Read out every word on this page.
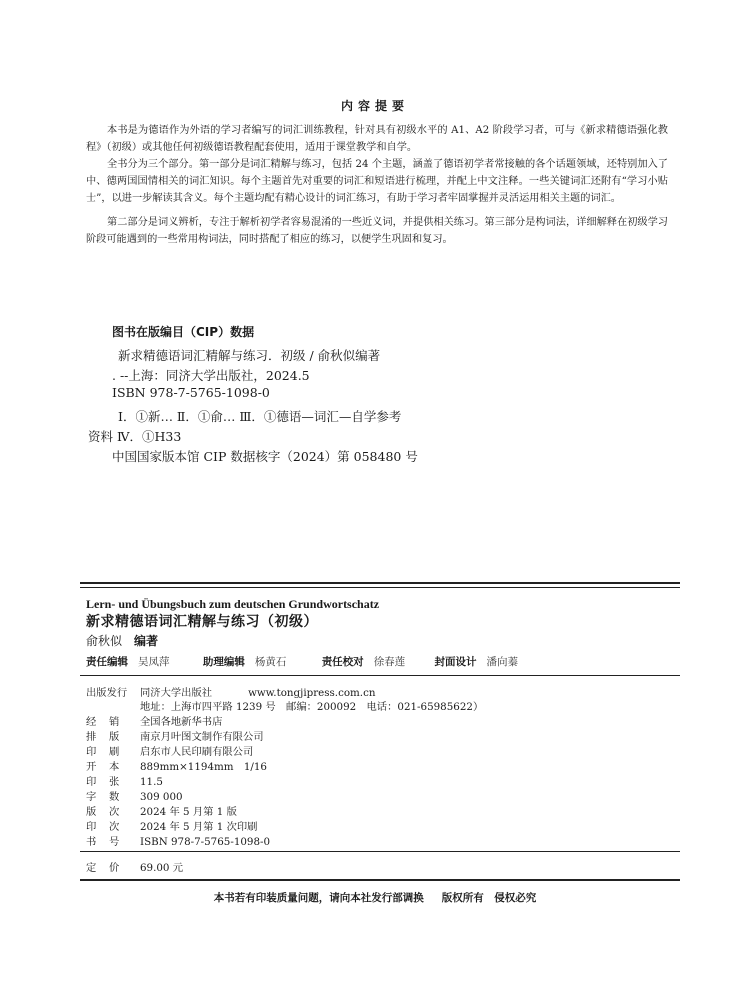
内容提要

本书是为德语作为外语的学习者编写的词汇训练教程，针对具有初级水平的 A1、A2 阶段学习者，可与《新求精德语强化教程》（初级）或其他任何初级德语教程配套使用，适用于课堂教学和自学。

全书分为三个部分。第一部分是词汇精解与练习，包括 24 个主题，涵盖了德语初学者常接触的各个话题领域，还特别加入了中、德两国国情相关的词汇知识。每个主题首先对重要的词汇和短语进行梳理，并配上中文注释。一些关键词汇还附有“学习小贴士”，以进一步解读其含义。每个主题均配有精心设计的词汇练习，有助于学习者牢固掌握并灵活运用相关主题的词汇。

第二部分是词义辨析，专注于解析初学者容易混淆的一些近义词，并提供相关练习。第三部分是构词法，详细解释在初级学习阶段可能遇到的一些常用构词法，同时搭配了相应的练习，以便学生巩固和复习。

图书在版编目（CIP）数据
新求精德语词汇精解与练习．初级 / 俞秋似编著
. --上海：同济大学出版社，2024.5
ISBN 978-7-5765-1098-0
Ⅰ．①新… Ⅱ．①俞… Ⅲ．①德语—词汇—自学参考
资料 Ⅳ．①H33
中国国家版本馆 CIP 数据核字（2024）第 058480 号
Lern- und Übungsbuch zum deutschen Grundwortschatz
新求精德语词汇精解与练习（初级）
俞秋似 编著
责任编辑 吴凤萍	助理编辑 杨黄石	责任校对 徐春莲	封面设计 潘向蓁
出版发行 同济大学出版社	www.tongjipress.com.cn
地址：上海市四平路 1239 号　邮编：200092　电话：021-65985622）
经 销 全国各地新华书店
排 版 南京月叶图文制作有限公司
印 刷 启东市人民印刷有限公司
开 本 889mm×1194mm　1/16
印 张 11.5
字 数 309 000
版 次 2024 年 5 月第 1 版
印 次 2024 年 5 月第 1 次印刷
书 号 ISBN 978-7-5765-1098-0
定 价 69.00 元
本书若有印装质量问题，请向本社发行部调换 版权所有　侵权必究
